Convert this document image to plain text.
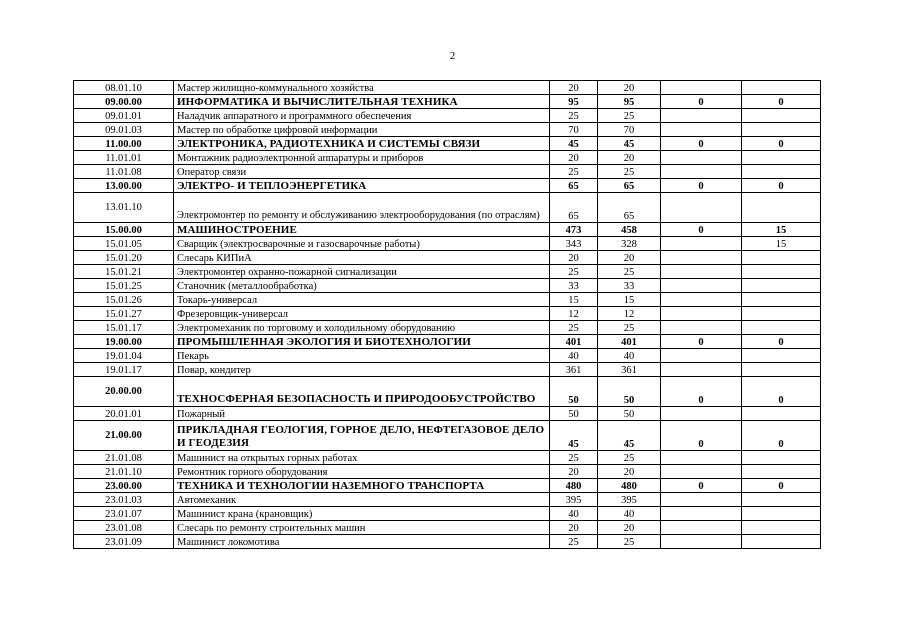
2
08.01.10	Мастер жилищно-коммунального хозяйства	20	20		
09.00.00	ИНФОРМАТИКА И ВЫЧИСЛИТЕЛЬНАЯ ТЕХНИКА	95	95	0	0
09.01.01	Наладчик аппаратного и программного обеспечения	25	25		
09.01.03	Мастер по обработке цифровой информации	70	70		
11.00.00	ЭЛЕКТРОНИКА, РАДИОТЕХНИКА И СИСТЕМЫ СВЯЗИ	45	45	0	0
11.01.01	Монтажник радиоэлектронной аппаратуры и приборов	20	20		
11.01.08	Оператор связи	25	25		
13.00.00	ЭЛЕКТРО- И ТЕПЛОЭНЕРГЕТИКА	65	65	0	0
13.01.10	Электромонтер по ремонту и обслуживанию электрооборудования (по отраслям)	65	65		
15.00.00	МАШИНОСТРОЕНИЕ	473	458	0	15
15.01.05	Сварщик (электросварочные и газосварочные работы)	343	328		15
15.01.20	Слесарь КИПиА	20	20		
15.01.21	Электромонтер охранно-пожарной сигнализации	25	25		
15.01.25	Станочник (металлообработка)	33	33		
15.01.26	Токарь-универсал	15	15		
15.01.27	Фрезеровщик-универсал	12	12		
15.01.17	Электромеханик по торговому и холодильному оборудованию	25	25		
19.00.00	ПРОМЫШЛЕННАЯ ЭКОЛОГИЯ И БИОТЕХНОЛОГИИ	401	401	0	0
19.01.04	Пекарь	40	40		
19.01.17	Повар, кондитер	361	361		
20.00.00	ТЕХНОСФЕРНАЯ БЕЗОПАСНОСТЬ И ПРИРОДООБУСТРОЙСТВО	50	50	0	0
20.01.01	Пожарный	50	50		
21.00.00	ПРИКЛАДНАЯ ГЕОЛОГИЯ, ГОРНОЕ ДЕЛО, НЕФТЕГАЗОВОЕ ДЕЛО И ГЕОДЕЗИЯ	45	45	0	0
21.01.08	Машинист на открытых горных работах	25	25		
21.01.10	Ремонтник горного оборудования	20	20		
23.00.00	ТЕХНИКА И ТЕХНОЛОГИИ НАЗЕМНОГО ТРАНСПОРТА	480	480	0	0
23.01.03	Автомеханик	395	395		
23.01.07	Машинист крана (крановщик)	40	40		
23.01.08	Слесарь по ремонту строительных машин	20	20		
23.01.09	Машинист локомотива	25	25		
